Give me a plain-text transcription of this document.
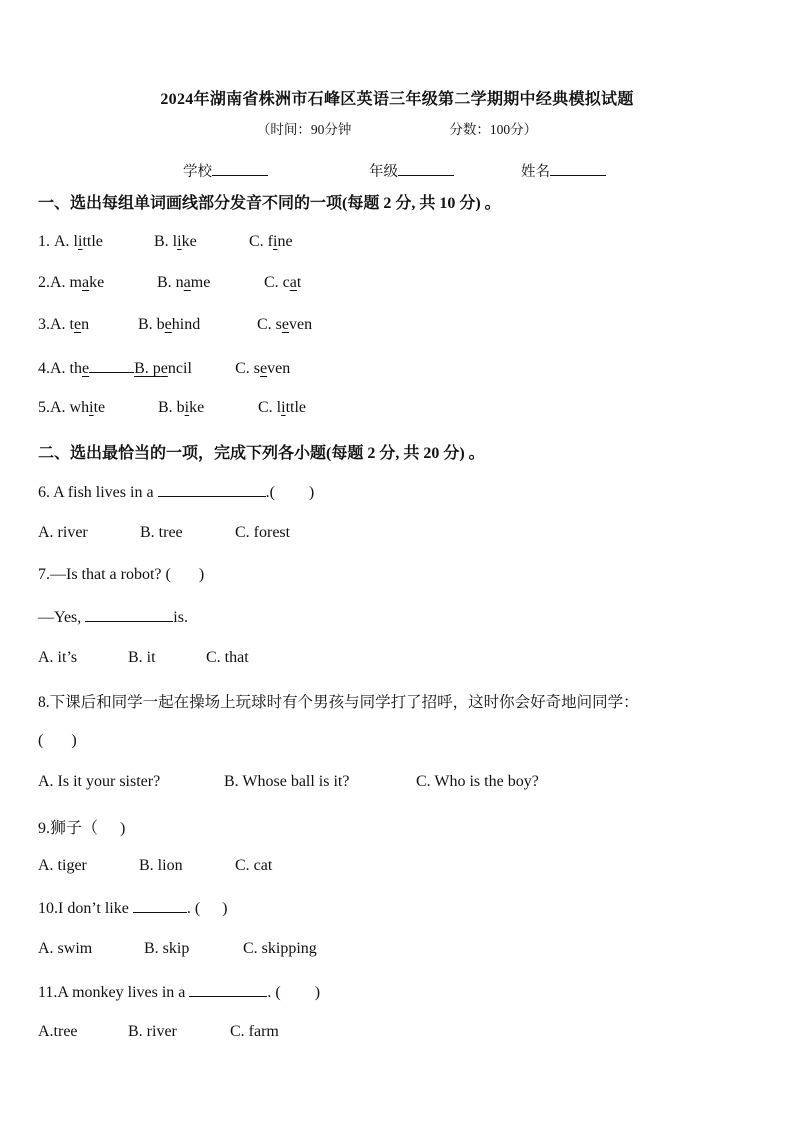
2024年湖南省株洲市石峰区英语三年级第二学期期中经典模拟试题
（时间：90分钟	分数：100分）
学校	年级	姓名
一、选出每组单词画线部分发音不同的一项(每题 2 分, 共 10 分) 。
1. A. little	B. like	C. fine
2.A. make	B. name	C. cat
3.A. ten	B. behind	C. seven
4.A. the	B. pencil	C. seven
5.A. white	B. bike	C. little
二、选出最恰当的一项，完成下列各小题(每题 2 分, 共 20 分) 。
6. A fish lives in a	.( )
A. river	B. tree	C. forest
7.—Is that a robot? ( )
—Yes,	is.
A. it’s	B. it	C. that
8.下课后和同学一起在操场上玩球时有个男孩与同学打了招呼，这时你会好奇地问同学：
( )
A. Is it your sister?	B. Whose ball is it?	C. Who is the boy?
9.狮子（ )
A. tiger	B. lion	C. cat
10.I don’t like	. ( )
A. swim	B. skip	C. skipping
11.A monkey lives in a	. ( )
A.tree	B. river	C. farm
